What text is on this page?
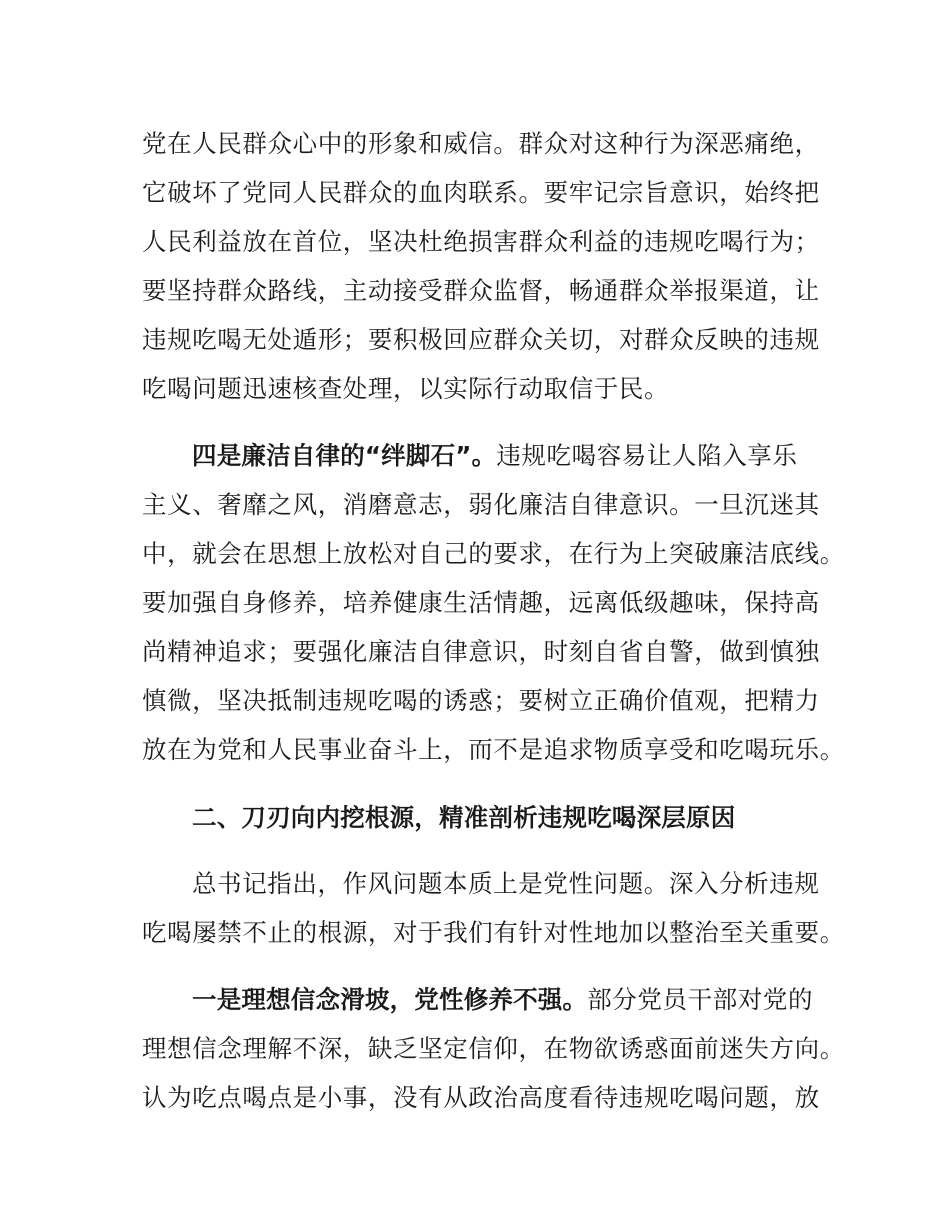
党在人民群众心中的形象和威信。群众对这种行为深恶痛绝，
它破坏了党同人民群众的血肉联系。要牢记宗旨意识，始终把
人民利益放在首位，坚决杜绝损害群众利益的违规吃喝行为；
要坚持群众路线，主动接受群众监督，畅通群众举报渠道，让
违规吃喝无处遁形；要积极回应群众关切，对群众反映的违规
吃喝问题迅速核查处理，以实际行动取信于民。
四是廉洁自律的“绊脚石”。违规吃喝容易让人陷入享乐
主义、奢靡之风，消磨意志，弱化廉洁自律意识。一旦沉迷其
中，就会在思想上放松对自己的要求，在行为上突破廉洁底线。
要加强自身修养，培养健康生活情趣，远离低级趣味，保持高
尚精神追求；要强化廉洁自律意识，时刻自省自警，做到慎独
慎微，坚决抵制违规吃喝的诱惑；要树立正确价值观，把精力
放在为党和人民事业奋斗上，而不是追求物质享受和吃喝玩乐。
二、刀刃向内挖根源，精准剖析违规吃喝深层原因
总书记指出，作风问题本质上是党性问题。深入分析违规
吃喝屡禁不止的根源，对于我们有针对性地加以整治至关重要。
一是理想信念滑坡，党性修养不强。部分党员干部对党的
理想信念理解不深，缺乏坚定信仰，在物欲诱惑面前迷失方向。
认为吃点喝点是小事，没有从政治高度看待违规吃喝问题，放
